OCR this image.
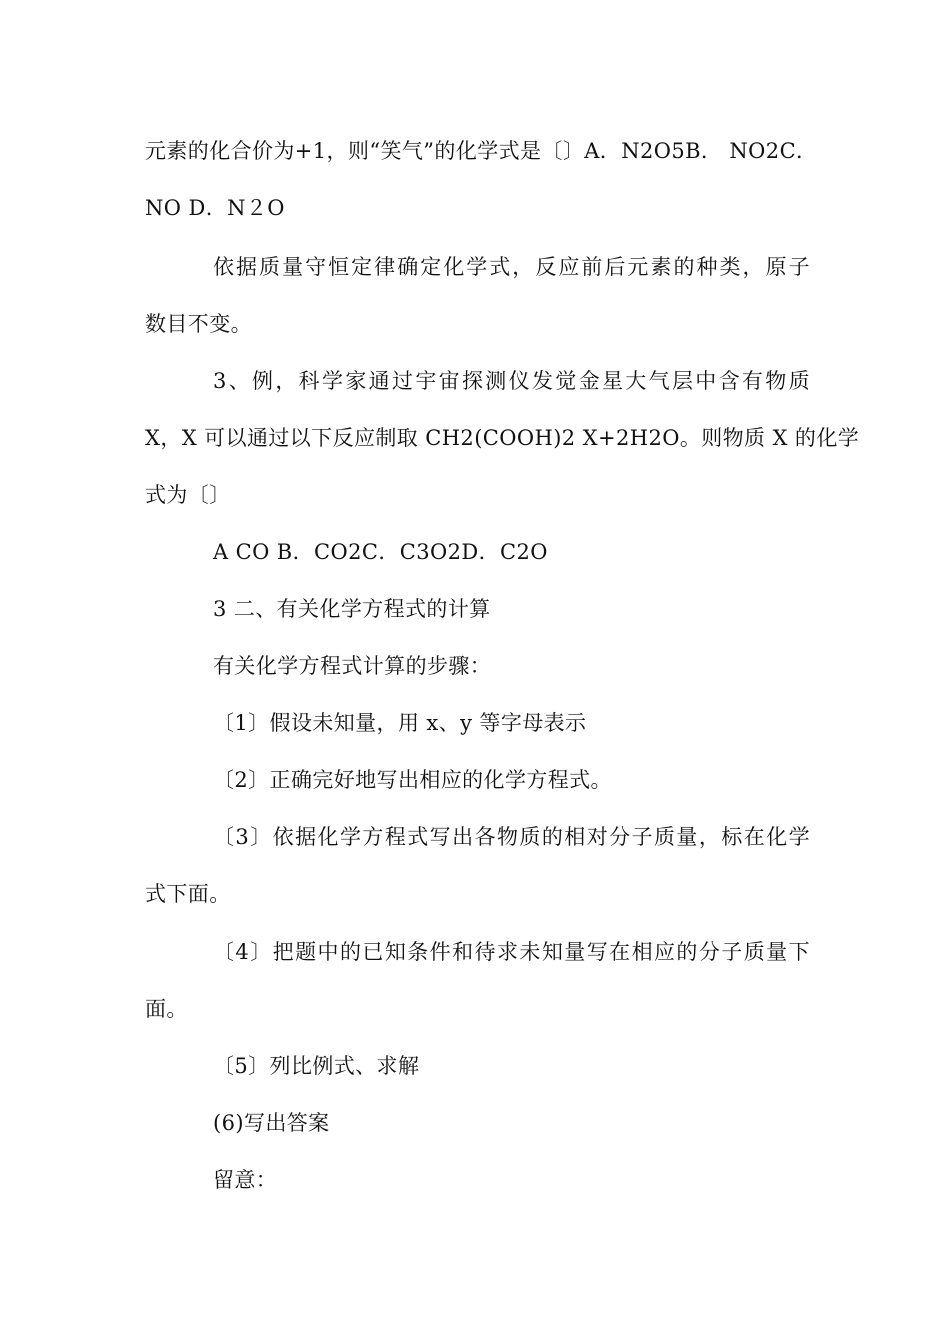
元素的化合价为+1，则“笑气”的化学式是〔〕A．N2O5B． NO2C．
NO D．N２O
依据质量守恒定律确定化学式，反应前后元素的种类，原子
数目不变。
3、例，科学家通过宇宙探测仪发觉金星大气层中含有物质
X，X 可以通过以下反应制取 CH2(COOH)2 X+2H2O。则物质 X 的化学
式为〔〕
A CO B．CO2C．C3O2D．C2O
3 二、有关化学方程式的计算
有关化学方程式计算的步骤：
〔1〕假设未知量，用 x、y 等字母表示
〔2〕正确完好地写出相应的化学方程式。
〔3〕依据化学方程式写出各物质的相对分子质量，标在化学
式下面。
〔4〕把题中的已知条件和待求未知量写在相应的分子质量下
面。
〔5〕列比例式、求解
(6)写出答案
留意：
